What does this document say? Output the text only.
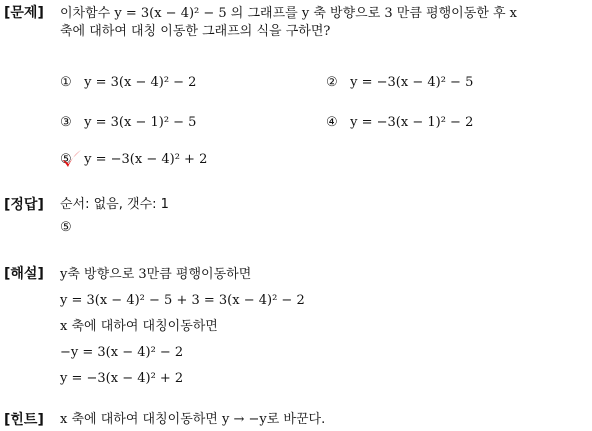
[문제] 이차함수 y = 3(x − 4)² − 5 의 그래프를 y 축 방향으로 3 만큼 평행이동한 후 x
축에 대하여 대칭 이동한 그래프의 식을 구하면?
① y = 3(x − 4)² − 2	② y = −3(x − 4)² − 5
③ y = 3(x − 1)² − 5	④ y = −3(x − 1)² − 2
⑤ y = −3(x − 4)² + 2
[정답] 순서: 없음, 갯수: 1
⑤
[해설] y축 방향으로 3만큼 평행이동하면
y = 3(x − 4)² − 5 + 3 = 3(x − 4)² − 2
x 축에 대하여 대칭이동하면
−y = 3(x − 4)² − 2
y = −3(x − 4)² + 2
[힌트] x 축에 대하여 대칭이동하면 y → −y로 바꾼다.
